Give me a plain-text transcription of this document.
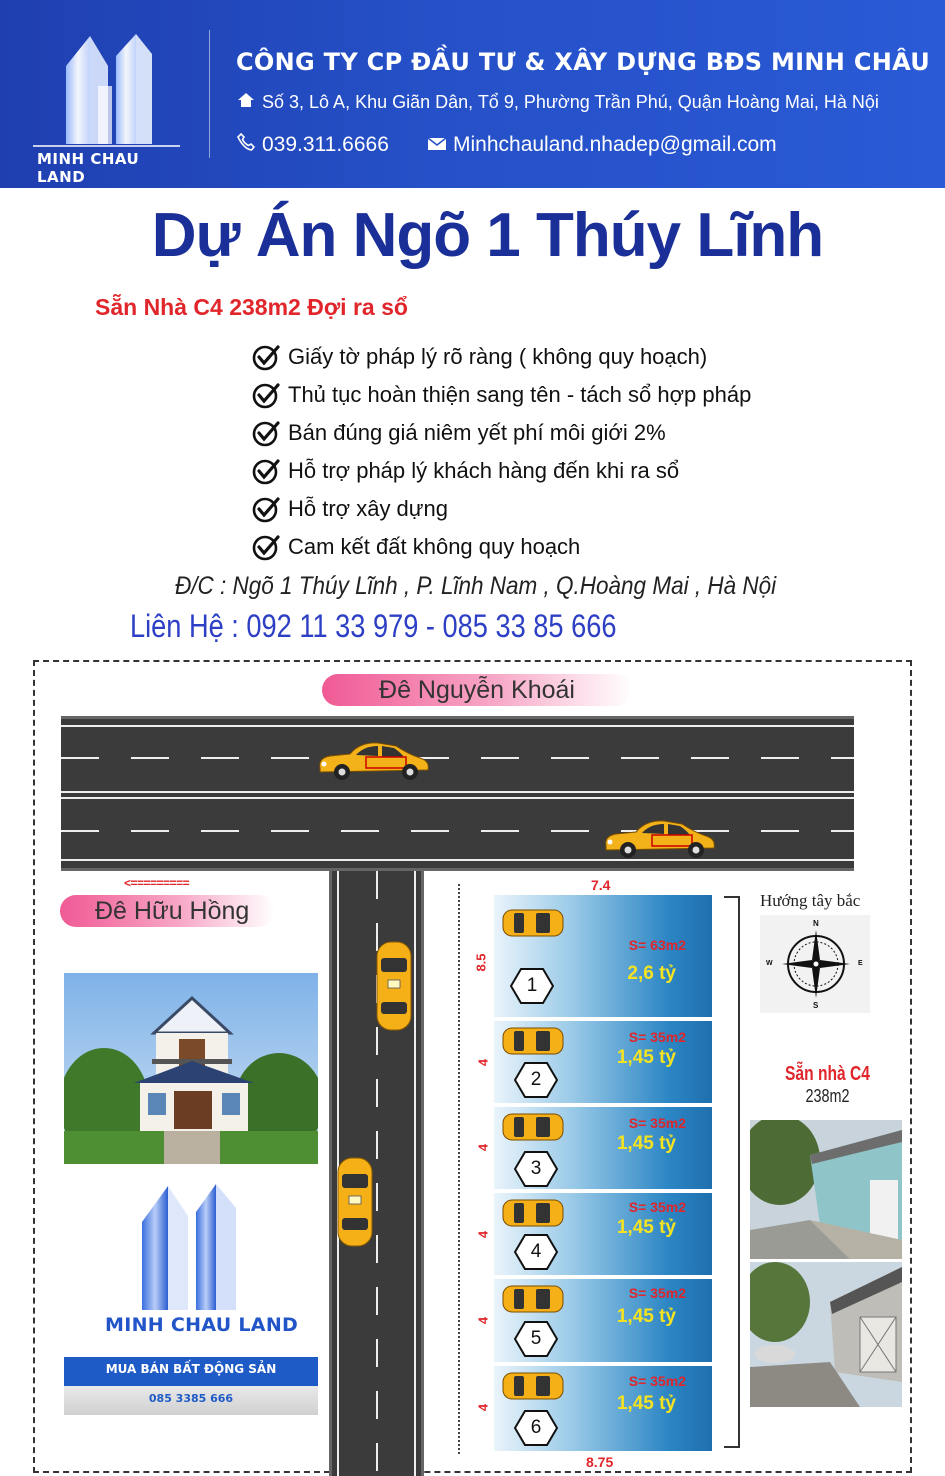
MINH CHAU LAND
CÔNG TY CP ĐẦU TƯ & XÂY DỰNG BĐS MINH CHÂU
Số 3, Lô A, Khu Giãn Dân, Tổ 9, Phường Trần Phú, Quận Hoàng Mai, Hà Nội
039.311.6666	Minhchauland.nhadep@gmail.com
Dự Án Ngõ 1 Thúy Lĩnh
Sẵn Nhà C4 238m2 Đợi ra sổ
Giấy tờ pháp lý rõ ràng ( không quy hoạch)
Thủ tục hoàn thiện sang tên - tách sổ hợp pháp
Bán đúng giá niêm yết phí môi giới 2%
Hỗ trợ pháp lý khách hàng đến khi ra sổ
Hỗ trợ xây dựng
Cam kết đất không quy hoạch
Đ/C : Ngõ 1 Thúy Lĩnh , P. Lĩnh Nam , Q.Hoàng Mai , Hà Nội
Liên Hệ : 092 11 33 979 - 085 33 85 666
Đê Nguyễn Khoái
<=========
Đê Hữu Hồng
MINH CHAU LAND
MUA BÁN BẤT ĐỘNG SẢN
085 3385 666
7.4
8.75
8.5
4
4
4
4
4
S= 63m2
2,6 tỷ
1
S= 35m2
1,45 tỷ
2
S= 35m2
1,45 tỷ
3
S= 35m2
1,45 tỷ
4
S= 35m2
1,45 tỷ
5
S= 35m2
1,45 tỷ
6
Hướng tây bắc
N
S
W	E
Sẵn nhà C4
238m2
